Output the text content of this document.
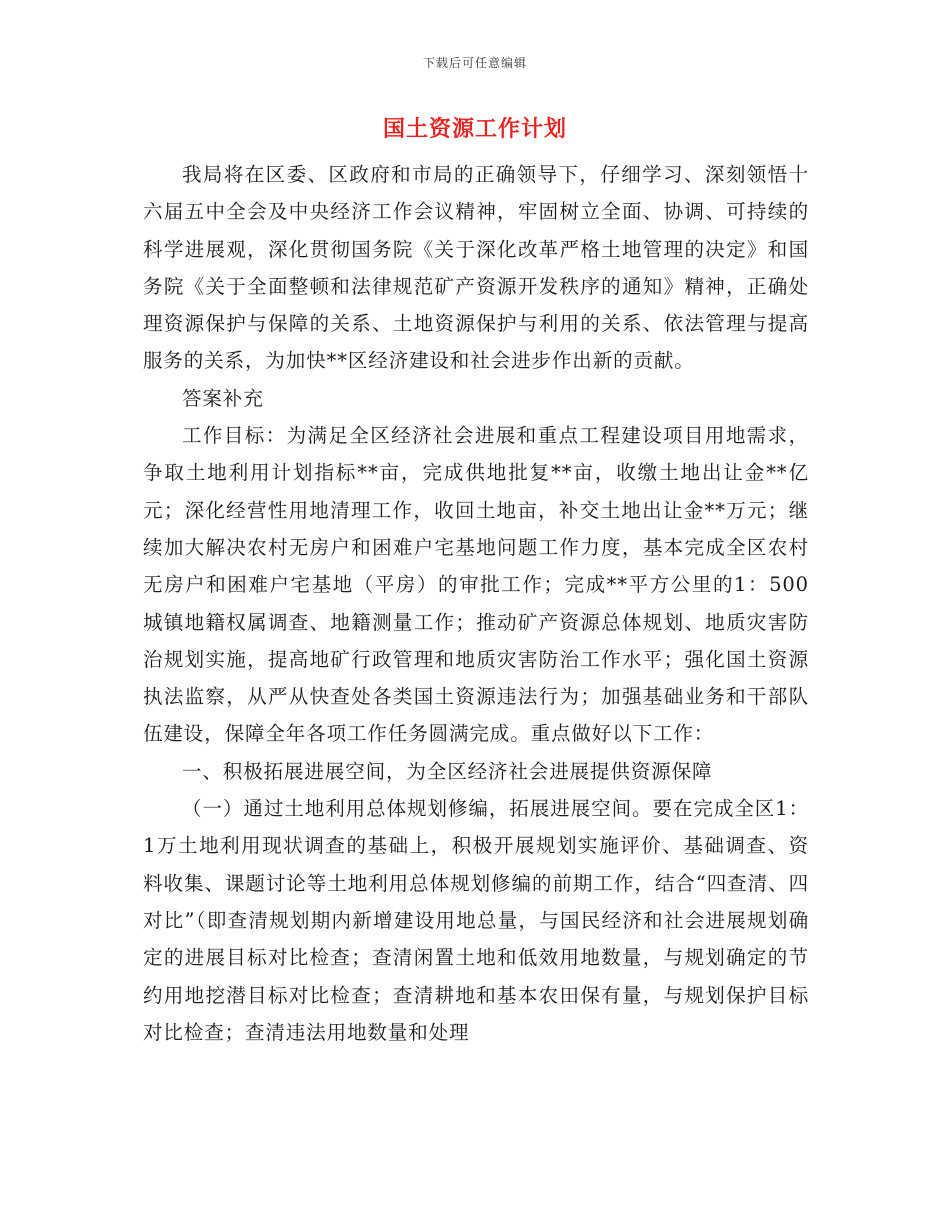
下载后可任意编辑
国土资源工作计划

我局将在区委、区政府和市局的正确领导下，仔细学习、深刻领悟十六届五中全会及中央经济工作会议精神，牢固树立全面、协调、可持续的科学进展观，深化贯彻国务院《关于深化改革严格土地管理的决定》和国务院《关于全面整顿和法律规范矿产资源开发秩序的通知》精神，正确处理资源保护与保障的关系、土地资源保护与利用的关系、依法管理与提高服务的关系，为加快**区经济建设和社会进步作出新的贡献。

答案补充

工作目标：为满足全区经济社会进展和重点工程建设项目用地需求，争取土地利用计划指标**亩，完成供地批复**亩，收缴土地出让金**亿元；深化经营性用地清理工作，收回土地亩，补交土地出让金**万元；继续加大解决农村无房户和困难户宅基地问题工作力度，基本完成全区农村无房户和困难户宅基地（平房）的审批工作；完成**平方公里的1：500城镇地籍权属调查、地籍测量工作；推动矿产资源总体规划、地质灾害防治规划实施，提高地矿行政管理和地质灾害防治工作水平；强化国土资源执法监察，从严从快查处各类国土资源违法行为；加强基础业务和干部队伍建设，保障全年各项工作任务圆满完成。重点做好以下工作：

一、积极拓展进展空间，为全区经济社会进展提供资源保障

（一）通过土地利用总体规划修编，拓展进展空间。要在完成全区1：1万土地利用现状调查的基础上，积极开展规划实施评价、基础调查、资料收集、课题讨论等土地利用总体规划修编的前期工作，结合“四查清、四对比”（即查清规划期内新增建设用地总量，与国民经济和社会进展规划确定的进展目标对比检查；查清闲置土地和低效用地数量，与规划确定的节约用地挖潜目标对比检查；查清耕地和基本农田保有量，与规划保护目标对比检查；查清违法用地数量和处理
